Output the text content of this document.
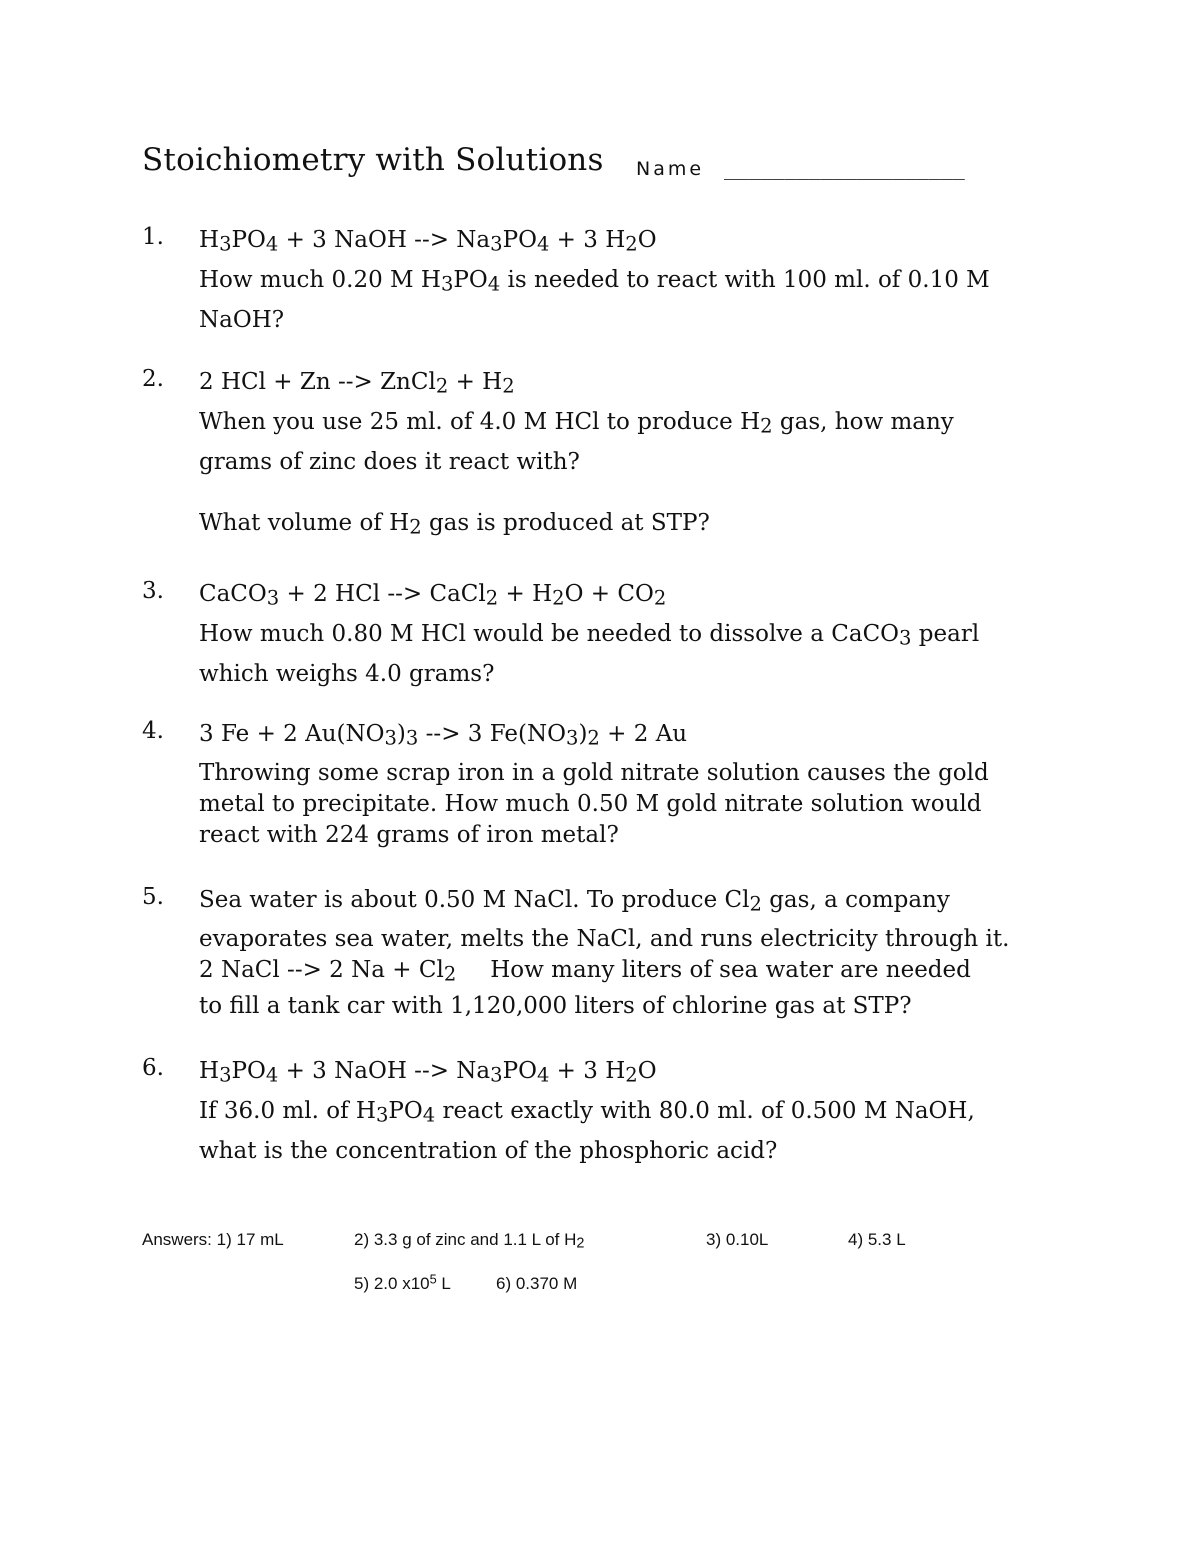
Stoichiometry with Solutions Name ____________________
1. $H_3PO_4 + 3$ NaOH --> $Na_3PO_4 + 3$ $H_2O$
How much 0.20 M $H_3PO_4$ is needed to react with 100 ml. of 0.10 M
NaOH?
2. 2 HCl + Zn --> ZnCl$_2$ + $H_2$
When you use 25 ml. of 4.0 M HCl to produce $H_2$ gas, how many
grams of zinc does it react with?
What volume of $H_2$ gas is produced at STP?
3. CaCO$_3$ + 2 HCl --> CaCl$_2$ + $H_2O + CO_2$
How much 0.80 M HCl would be needed to dissolve a CaCO$_3$ pearl
which weighs 4.0 grams?
4. 3 Fe + 2 $Au(NO_3)_3$ --> 3 $Fe(NO_3)_2 + 2$ Au
Throwing some scrap iron in a gold nitrate solution causes the gold
metal to precipitate. How much 0.50 M gold nitrate solution would
react with 224 grams of iron metal?
5. Sea water is about 0.50 M NaCl. To produce $Cl_2$ gas, a company
evaporates sea water, melts the NaCl, and runs electricity through it.
2 NaCl --> 2 $Na + Cl_2$ How many liters of sea water are needed
to fill a tank car with 1,120,000 liters of chlorine gas at STP?
6. $H_3PO_4 + 3$ NaOH --> $Na_3PO_4 + 3$ $H_2O$
If 36.0 ml. of $H_3PO_4$ react exactly with 80.0 ml. of 0.500 M NaOH,
what is the concentration of the phosphoric acid?
Answers: 1) 17 mL	2) 3.3 g of zinc and 1.1 L of $H_2$	3) 0.10L	4) 5.3 L
5) 2.0 $x10^5$ L	6) 0.370 M
